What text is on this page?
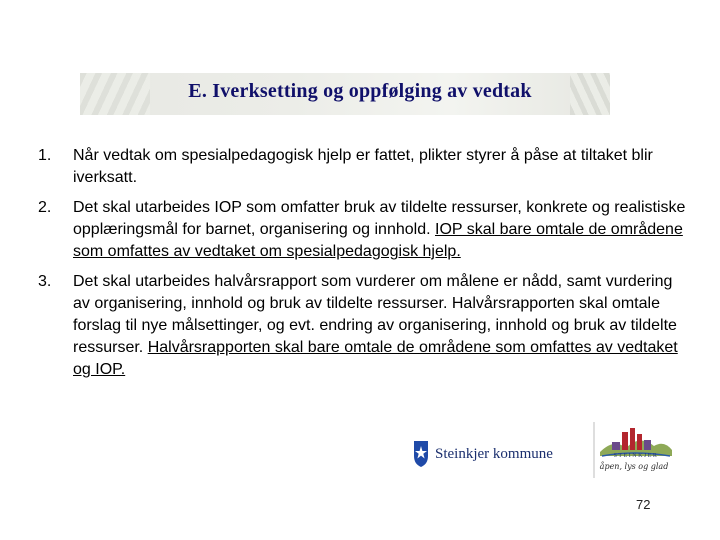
E. Iverksetting og oppfølging av vedtak
1.	Når vedtak om spesialpedagogisk hjelp er fattet, plikter styrer å påse at tiltaket blir iverksatt.
2.	Det skal utarbeides IOP som omfatter bruk av tildelte ressurser, konkrete og realistiske opplæringsmål for barnet, organisering og innhold. IOP skal bare omtale de områdene som omfattes av vedtaket om spesialpedagogisk hjelp.
3.	Det skal utarbeides halvårsrapport som vurderer om målene er nådd, samt vurdering av organisering, innhold og bruk av tildelte ressurser. Halvårsrapporten skal omtale forslag til nye målsettinger, og evt. endring av organisering, innhold og bruk av tildelte ressurser. Halvårsrapporten skal bare omtale de områdene som omfattes av vedtaket og IOP.
Steinkjer kommune	STEINKJER
åpen, lys og glad
72
